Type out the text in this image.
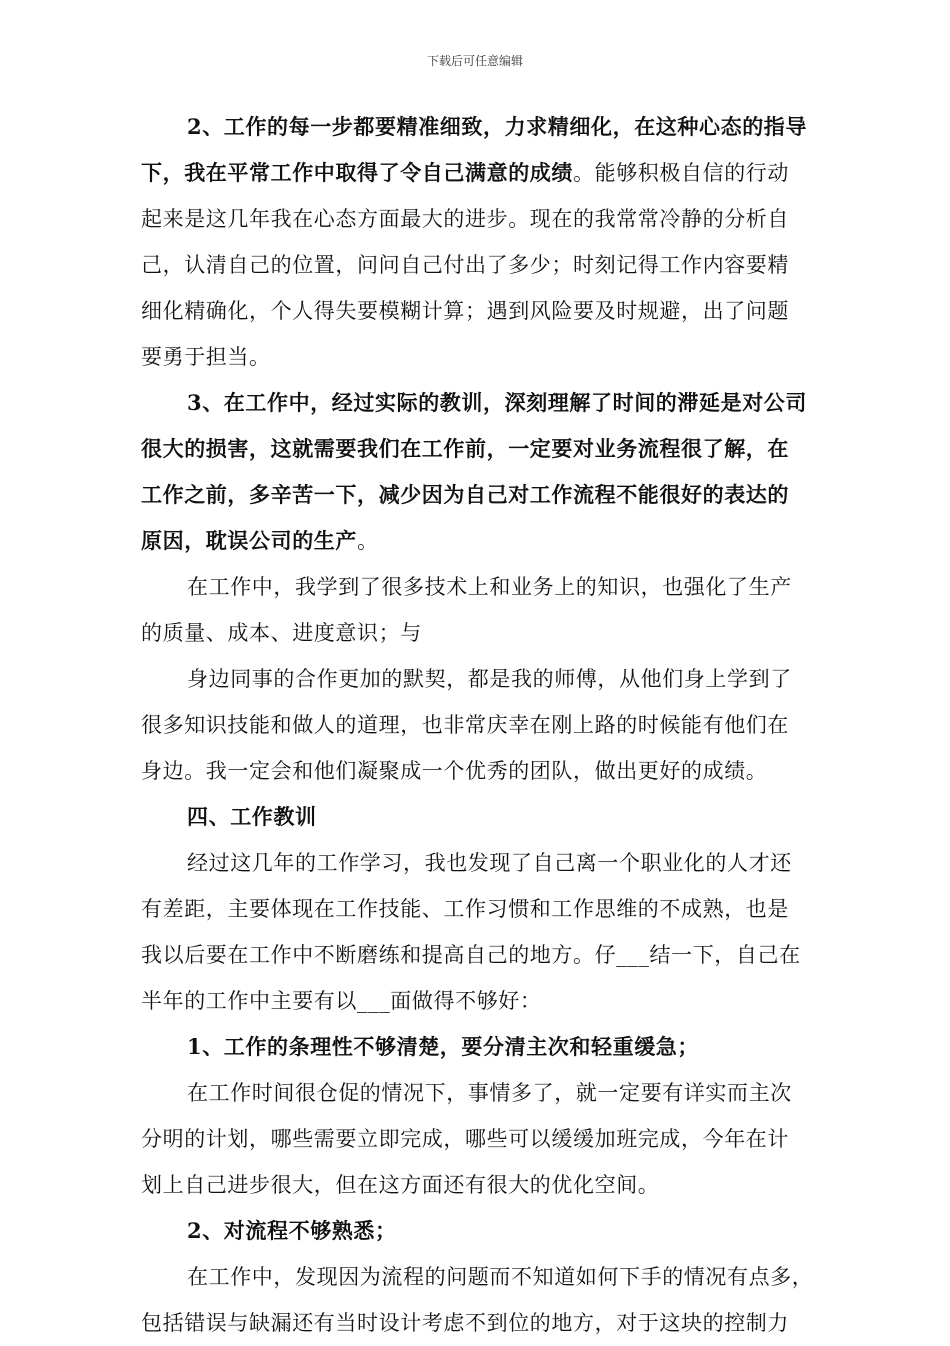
下载后可任意编辑
2、工作的每一步都要精准细致，力求精细化，在这种心态的指导
下，我在平常工作中取得了令自己满意的成绩。能够积极自信的行动
起来是这几年我在心态方面最大的进步。现在的我常常冷静的分析自
己，认清自己的位置，问问自己付出了多少；时刻记得工作内容要精
细化精确化，个人得失要模糊计算；遇到风险要及时规避，出了问题
要勇于担当。
3、在工作中，经过实际的教训，深刻理解了时间的滞延是对公司
很大的损害，这就需要我们在工作前，一定要对业务流程很了解，在
工作之前，多辛苦一下，减少因为自己对工作流程不能很好的表达的
原因，耽误公司的生产。
在工作中，我学到了很多技术上和业务上的知识，也强化了生产
的质量、成本、进度意识；与
身边同事的合作更加的默契，都是我的师傅，从他们身上学到了
很多知识技能和做人的道理，也非常庆幸在刚上路的时候能有他们在
身边。我一定会和他们凝聚成一个优秀的团队，做出更好的成绩。
四、工作教训
经过这几年的工作学习，我也发现了自己离一个职业化的人才还
有差距，主要体现在工作技能、工作习惯和工作思维的不成熟，也是
我以后要在工作中不断磨练和提高自己的地方。仔___结一下，自己在
半年的工作中主要有以___面做得不够好：
1、工作的条理性不够清楚，要分清主次和轻重缓急；
在工作时间很仓促的情况下，事情多了，就一定要有详实而主次
分明的计划，哪些需要立即完成，哪些可以缓缓加班完成，今年在计
划上自己进步很大，但在这方面还有很大的优化空间。
2、对流程不够熟悉；
在工作中，发现因为流程的问题而不知道如何下手的情况有点多，
包括错误与缺漏还有当时设计考虑不到位的地方，对于这块的控制力
